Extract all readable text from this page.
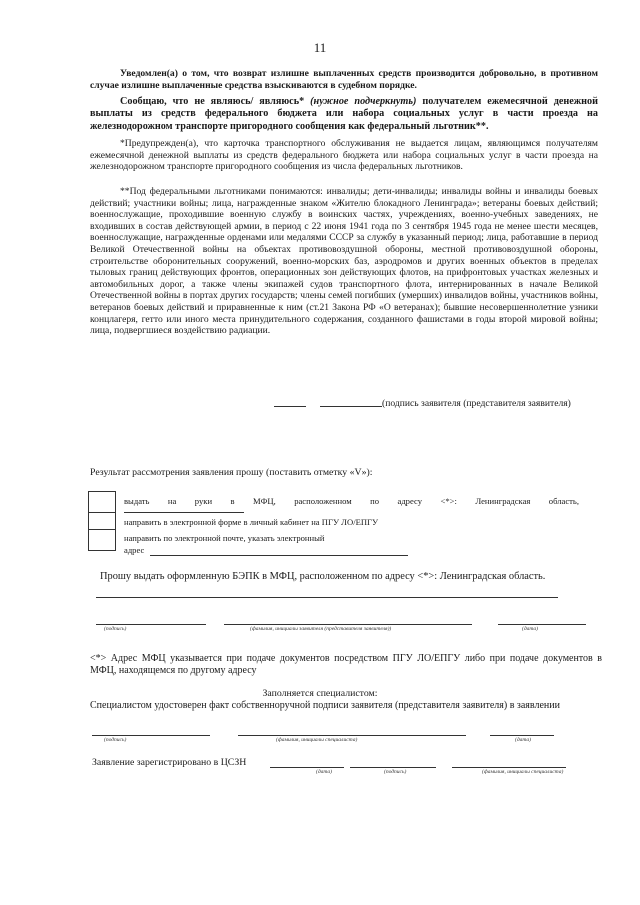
11

Уведомлен(а) о том, что возврат излишне выплаченных средств производится добровольно, в противном случае излишне выплаченные средства взыскиваются в судебном порядке.

Сообщаю, что не являюсь/ являюсь* (нужное подчеркнуть) получателем ежемесячной денежной выплаты из средств федерального бюджета или набора социальных услуг в части проезда на железнодорожном транспорте пригородного сообщения как федеральный льготник**.

*Предупрежден(а), что карточка транспортного обслуживания не выдается лицам, являющимся получателям ежемесячной денежной выплаты из средств федерального бюджета или набора социальных услуг в части проезда на железнодорожном транспорте пригородного сообщения из числа федеральных льготников.

**Под федеральными льготниками понимаются: инвалиды; дети-инвалиды; инвалиды войны и инвалиды боевых действий; участники войны; лица, награжденные знаком «Жителю блокадного Ленинграда»; ветераны боевых действий; военнослужащие, проходившие военную службу в воинских частях, учреждениях, военно-учебных заведениях, не входивших в состав действующей армии, в период с 22 июня 1941 года по 3 сентября 1945 года не менее шести месяцев, военнослужащие, награжденные орденами или медалями СССР за службу в указанный период; лица, работавшие в период Великой Отечественной войны на объектах противовоздушной обороны, местной противовоздушной обороны, строительстве оборонительных сооружений, военно-морских баз, аэродромов и других военных объектов в пределах тыловых границ действующих фронтов, операционных зон действующих флотов, на прифронтовых участках железных и автомобильных дорог, а также члены экипажей судов транспортного флота, интернированных в начале Великой Отечественной войны в портах других государств; члены семей погибших (умерших) инвалидов войны, участников войны, ветеранов боевых действий и приравненные к ним (ст.21 Закона РФ «О ветеранах); бывшие несовершеннолетние узники концлагеря, гетто или иного места принудительного содержания, созданного фашистами в годы второй мировой войны; лица, подвергшиеся воздействию радиации.

(подпись заявителя (представителя заявителя)
Результат рассмотрения заявления прошу (поставить отметку «V»):
выдать на руки в МФЦ, расположенном по адресу <*>: Ленинградская область,
направить в электронной форме в личный кабинет на ПГУ ЛО/ЕПГУ
направить по электронной почте, указать электронный
адрес
Прошу выдать оформленную БЭПК в МФЦ, расположенном по адресу <*>: Ленинградская область.
(подпись)	(фамилия, инициалы заявителя (представителя заявителя))	(дата)

<*> Адрес МФЦ указывается при подаче документов посредством ПГУ ЛО/ЕПГУ либо при подаче документов в МФЦ, находящемся по другому адресу

Заполняется специалистом:

Специалистом удостоверен факт собственноручной подписи заявителя (представителя заявителя) в заявлении

(подпись)	(фамилия, инициалы специалиста)	(дата)
Заявление зарегистрировано в ЦСЗН
(дата)	(подпись)	(фамилия, инициалы специалиста)
